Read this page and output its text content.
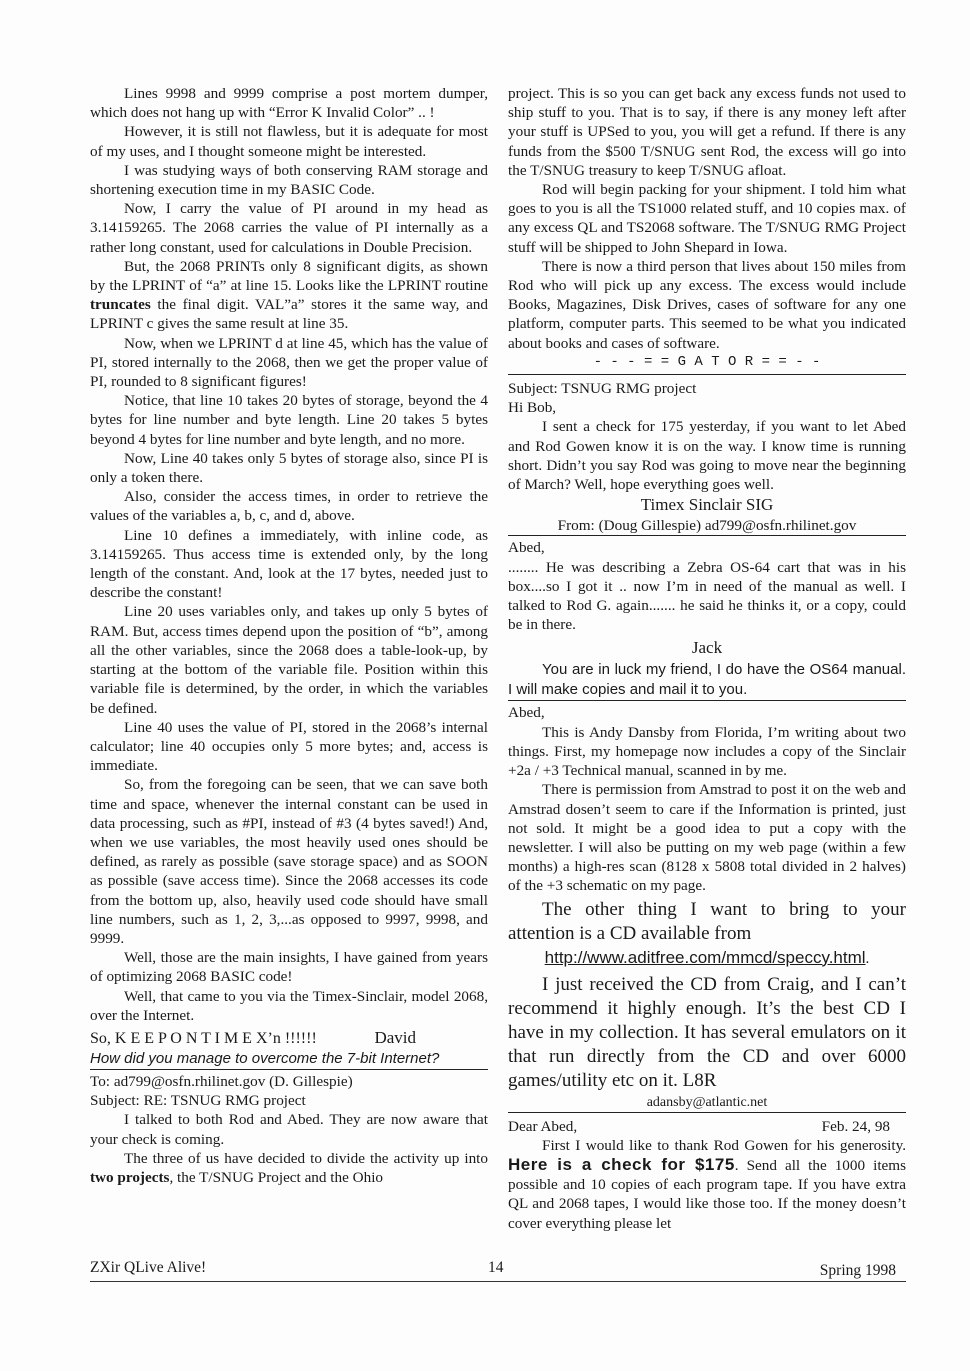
Lines 9998 and 9999 comprise a post mortem dumper, which does not hang up with “Error K Invalid Color” .. !

However, it is still not flawless, but it is adequate for most of my uses, and I thought someone might be interested.

I was studying ways of both conserving RAM storage and shortening execution time in my BASIC Code.

Now, I carry the value of PI around in my head as 3.14159265. The 2068 carries the value of PI internally as a rather long constant, used for calculations in Double Precision.

But, the 2068 PRINTs only 8 significant digits, as shown by the LPRINT of “a” at line 15. Looks like the LPRINT routine truncates the final digit. VAL”a” stores it the same way, and LPRINT c gives the same result at line 35.

Now, when we LPRINT d at line 45, which has the value of PI, stored internally to the 2068, then we get the proper value of PI, rounded to 8 significant figures!

Notice, that line 10 takes 20 bytes of storage, beyond the 4 bytes for line number and byte length. Line 20 takes 5 bytes beyond 4 bytes for line number and byte length, and no more.

Now, Line 40 takes only 5 bytes of storage also, since PI is only a token there.

Also, consider the access times, in order to retrieve the values of the variables a, b, c, and d, above.

Line 10 defines a immediately, with inline code, as 3.14159265. Thus access time is extended only, by the long length of the constant. And, look at the 17 bytes, needed just to describe the constant!

Line 20 uses variables only, and takes up only 5 bytes of RAM. But, access times depend upon the position of “b”, among all the other variables, since the 2068 does a table-look-up, by starting at the bottom of the variable file. Position within this variable file is determined, by the order, in which the variables be defined.

Line 40 uses the value of PI, stored in the 2068’s internal calculator; line 40 occupies only 5 more bytes; and, access is immediate.

So, from the foregoing can be seen, that we can save both time and space, whenever the internal constant can be used in data processing, such as #PI, instead of #3 (4 bytes saved!) And, when we use variables, the most heavily used ones should be defined, as rarely as possible (save storage space) and as SOON as possible (save access time). Since the 2068 accesses its code from the bottom up, also, heavily used code should have small line numbers, such as 1, 2, 3,...as opposed to 9997, 9998, and 9999.

Well, those are the main insights, I have gained from years of optimizing 2068 BASIC code!

Well, that came to you via the Timex-Sinclair, model 2068, over the Internet.

So, K E E P O N T I M E X’n !!!!!!	David

How did you manage to overcome the 7-bit Internet?

To: ad799@osfn.rhilinet.gov (D. Gillespie)

Subject: RE: TSNUG RMG project

I talked to both Rod and Abed. They are now aware that your check is coming.

The three of us have decided to divide the activity up into two projects, the T/SNUG Project and the Ohio

project. This is so you can get back any excess funds not used to ship stuff to you. That is to say, if there is any money left after your stuff is UPSed to you, you will get a refund. If there is any funds from the $500 T/SNUG sent Rod, the excess will go into the T/SNUG treasury to keep T/SNUG afloat.

Rod will begin packing for your shipment. I told him what goes to you is all the TS1000 related stuff, and 10 copies max. of any excess QL and TS2068 software. The T/SNUG RMG Project stuff will be shipped to John Shepard in Iowa.

There is now a third person that lives about 150 miles from Rod who will pick up any excess. The excess would include Books, Magazines, Disk Drives, cases of software for any one platform, computer parts. This seemed to be what you indicated about books and cases of software.

- - - = = G A T O R = = - -

Subject: TSNUG RMG project

Hi Bob,

I sent a check for 175 yesterday, if you want to let Abed and Rod Gowen know it is on the way. I know time is running short. Didn’t you say Rod was going to move near the beginning of March? Well, hope everything goes well.

Timex Sinclair SIG

From: (Doug Gillespie) ad799@osfn.rhilinet.gov

Abed,

........ He was describing a Zebra OS-64 cart that was in his box....so I got it .. now I’m in need of the manual as well. I talked to Rod G. again....... he said he thinks it, or a copy, could be in there.

Jack

You are in luck my friend, I do have the OS64 manual. I will make copies and mail it to you.

Abed,

This is Andy Dansby from Florida, I’m writing about two things. First, my homepage now includes a copy of the Sinclair +2a / +3 Technical manual, scanned in by me.

There is permission from Amstrad to post it on the web and Amstrad dosen’t seem to care if the Information is printed, just not sold. It might be a good idea to put a copy with the newsletter. I will also be putting on my web page (within a few months) a high-res scan (8128 x 5808 total divided in 2 halves) of the +3 schematic on my page.

The other thing I want to bring to your attention is a CD available from

http://www.aditfree.com/mmcd/speccy.html.

I just received the CD from Craig, and I can’t recommend it highly enough. It’s the best CD I have in my collection. It has several emulators on it that run directly from the CD and over 6000 games/utility etc on it. L8R

adansby@atlantic.net

Dear Abed,	Feb. 24, 98

First I would like to thank Rod Gowen for his generosity. Here is a check for $175. Send all the 1000 items possible and 10 copies of each program tape. If you have extra QL and 2068 tapes, I would like those too. If the money doesn’t cover everything please let

ZXir QLive Alive!	14	Spring 1998
